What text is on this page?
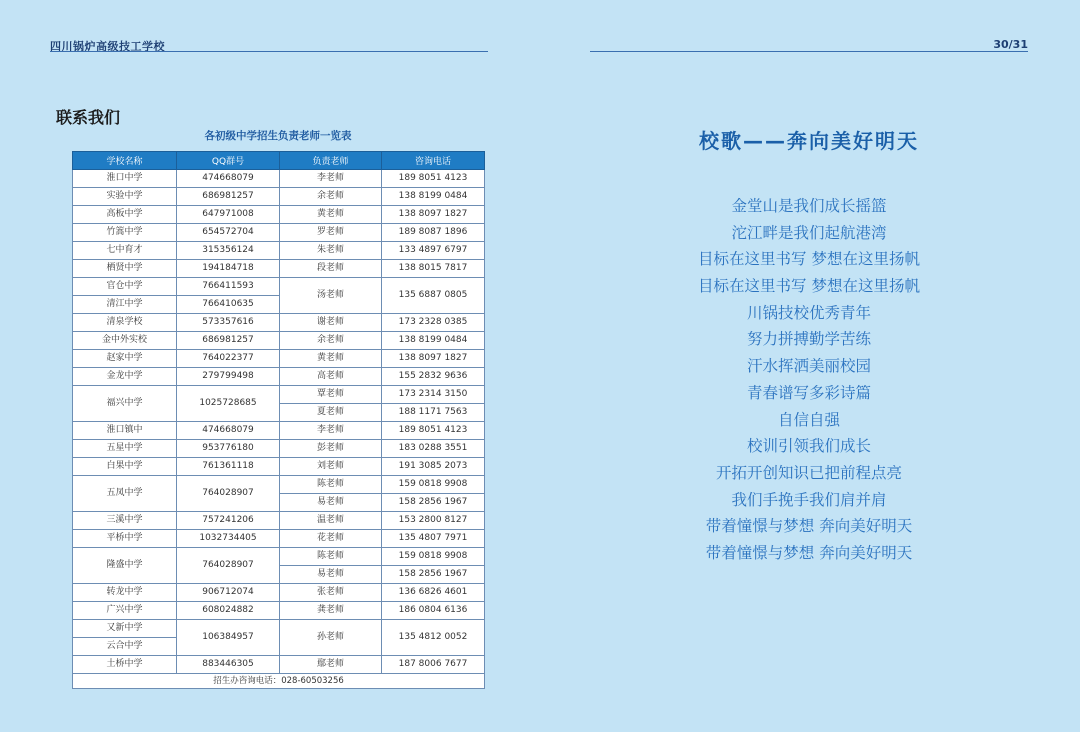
四川锅炉高级技工学校	30/31
联系我们
各初级中学招生负责老师一览表
学校名称	QQ群号	负责老师	咨询电话
淮口中学	474668079	李老师	189 8051 4123
实验中学	686981257	余老师	138 8199 0484
高板中学	647971008	黄老师	138 8097 1827
竹篙中学	654572704	罗老师	189 8087 1896
七中育才	315356124	朱老师	133 4897 6797
栖贤中学	194184718	段老师	138 8015 7817
官仓中学	766411593	汤老师	135 6887 0805
清江中学	766410635		
清泉学校	573357616	谢老师	173 2328 0385
金中外实校	686981257	余老师	138 8199 0484
赵家中学	764022377	黄老师	138 8097 1827
金龙中学	279799498	高老师	155 2832 9636
福兴中学	1025728685	覃老师	173 2314 3150
		夏老师	188 1171 7563
淮口镇中	474668079	李老师	189 8051 4123
五星中学	953776180	彭老师	183 0288 3551
白果中学	761361118	刘老师	191 3085 2073
五凤中学	764028907	陈老师	159 0818 9908
		易老师	158 2856 1967
三溪中学	757241206	温老师	153 2800 8127
平桥中学	1032734405	花老师	135 4807 7971
隆盛中学	764028907	陈老师	159 0818 9908
		易老师	158 2856 1967
转龙中学	906712074	张老师	136 6826 4601
广兴中学	608024882	龚老师	186 0804 6136
又新中学	106384957	孙老师	135 4812 0052
云合中学			
土桥中学	883446305	鄢老师	187 8006 7677
招生办咨询电话：028-60503256			
校歌——奔向美好明天
金堂山是我们成长摇篮
沱江畔是我们起航港湾
目标在这里书写 梦想在这里扬帆
目标在这里书写 梦想在这里扬帆
川锅技校优秀青年
努力拼搏勤学苦练
汗水挥洒美丽校园
青春谱写多彩诗篇
自信自强
校训引领我们成长
开拓开创知识已把前程点亮
我们手挽手我们肩并肩
带着憧憬与梦想 奔向美好明天
带着憧憬与梦想 奔向美好明天
